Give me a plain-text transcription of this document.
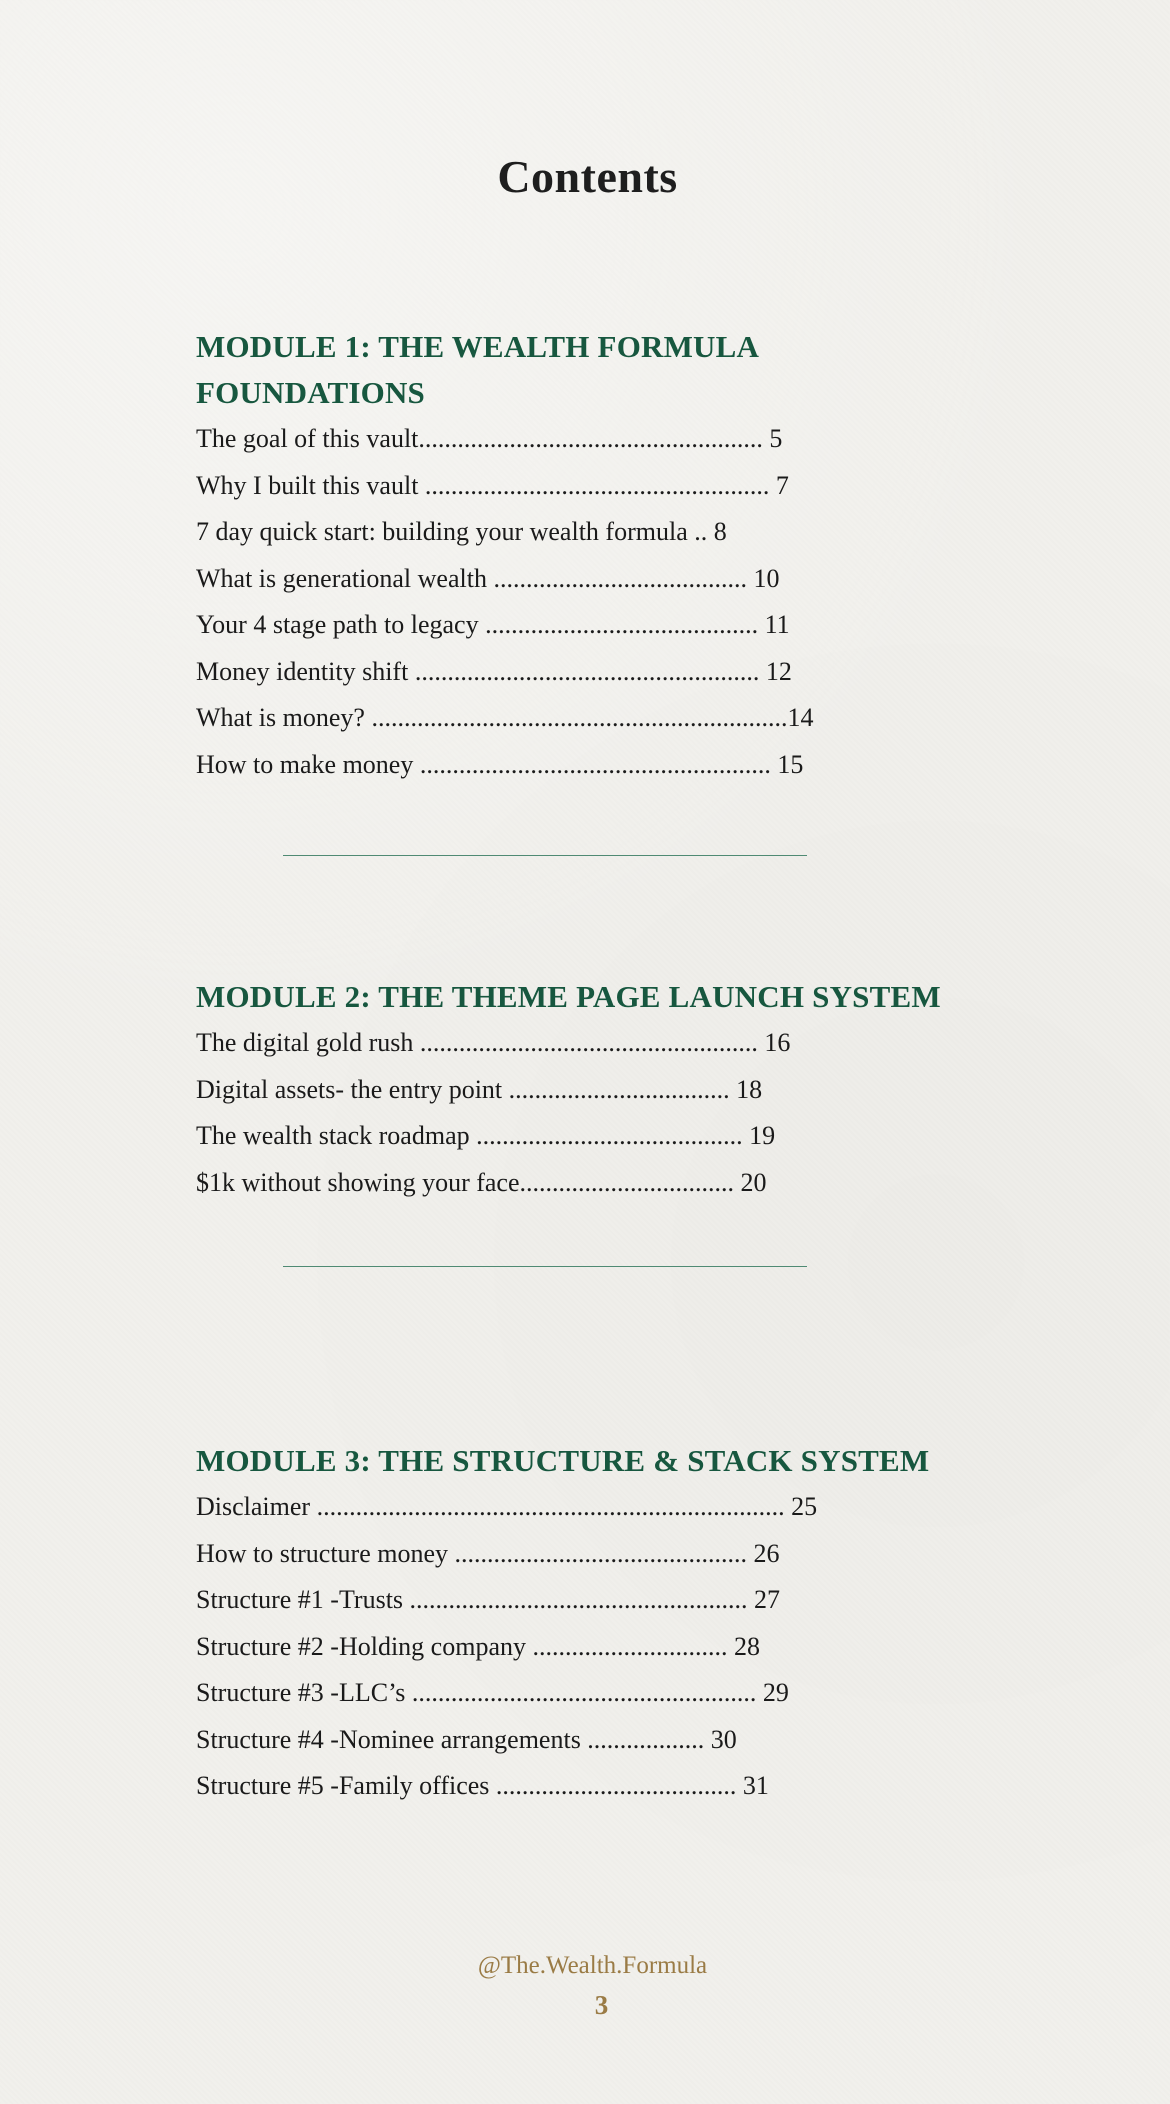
Contents
MODULE 1: THE WEALTH FORMULA FOUNDATIONS
The goal of this vault..................................................... 5
Why I built this vault ..................................................... 7
7 day quick start: building your wealth formula .. 8
What is generational wealth ....................................... 10
Your 4 stage path to legacy .......................................... 11
Money identity shift ..................................................... 12
What is money? ................................................................14
How to make money ...................................................... 15
MODULE 2: THE THEME PAGE LAUNCH SYSTEM
The digital gold rush .................................................... 16
Digital assets- the entry point .................................. 18
The wealth stack roadmap ......................................... 19
$1k without showing your face................................. 20
MODULE 3: THE STRUCTURE & STACK SYSTEM
Disclaimer ........................................................................ 25
How to structure money ............................................. 26
Structure #1 -Trusts .................................................... 27
Structure #2 -Holding company .............................. 28
Structure #3 -LLC’s ..................................................... 29
Structure #4 -Nominee arrangements .................. 30
Structure #5 -Family offices ..................................... 31
@The.Wealth.Formula
3
